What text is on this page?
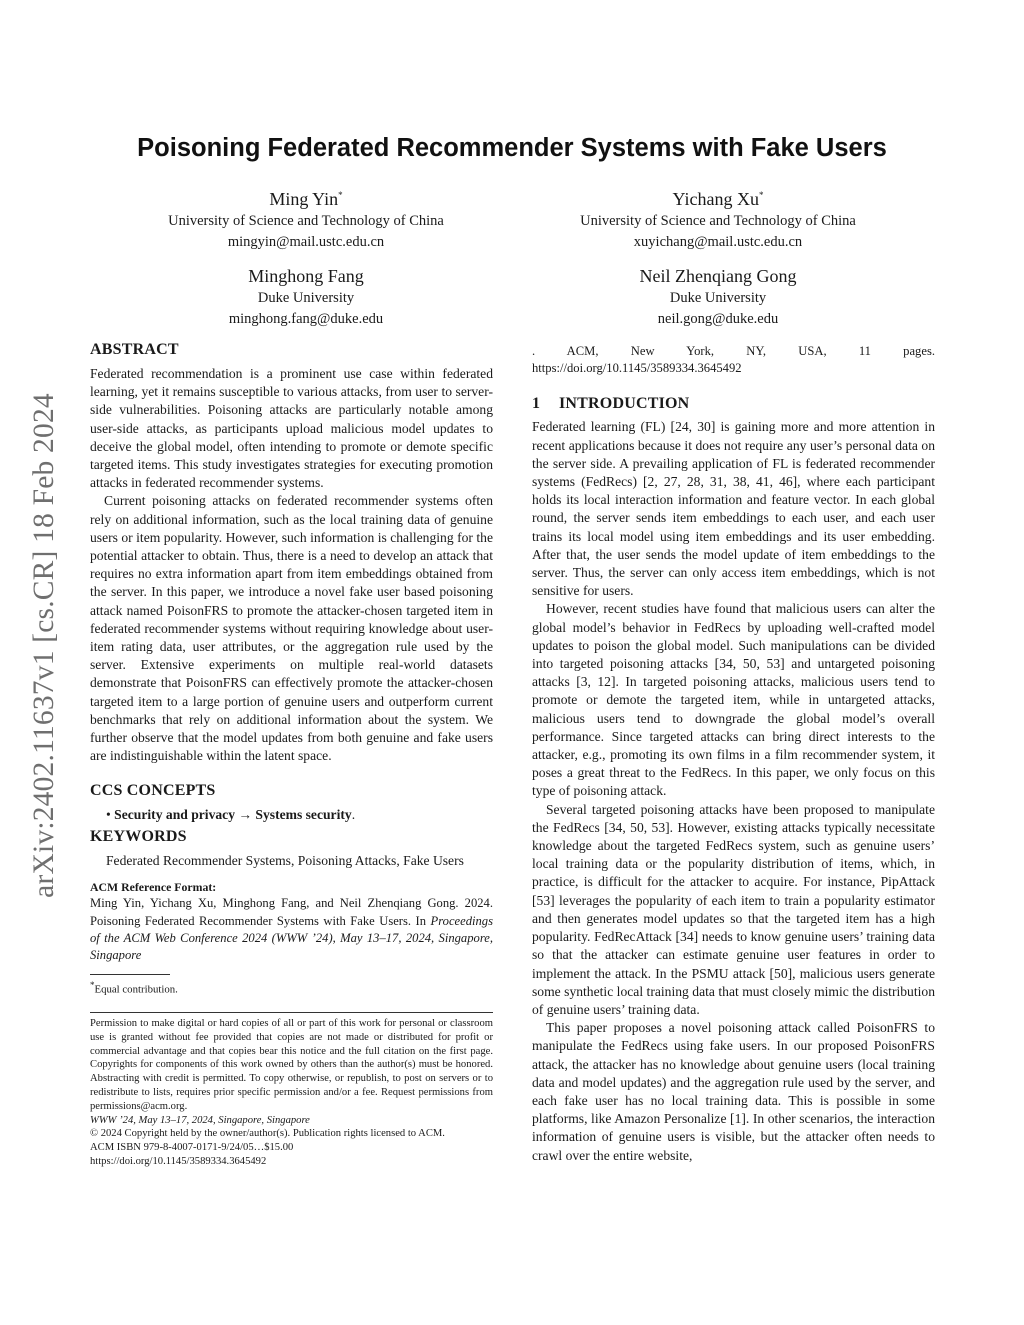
arXiv:2402.11637v1 [cs.CR] 18 Feb 2024
Poisoning Federated Recommender Systems with Fake Users
Ming Yin*
University of Science and Technology of China
mingyin@mail.ustc.edu.cn
Yichang Xu*
University of Science and Technology of China
xuyichang@mail.ustc.edu.cn
Minghong Fang
Duke University
minghong.fang@duke.edu
Neil Zhenqiang Gong
Duke University
neil.gong@duke.edu
ABSTRACT

Federated recommendation is a prominent use case within federated learning, yet it remains susceptible to various attacks, from user to server-side vulnerabilities. Poisoning attacks are particularly notable among user-side attacks, as participants upload malicious model updates to deceive the global model, often intending to promote or demote specific targeted items. This study investigates strategies for executing promotion attacks in federated recommender systems.

Current poisoning attacks on federated recommender systems often rely on additional information, such as the local training data of genuine users or item popularity. However, such information is challenging for the potential attacker to obtain. Thus, there is a need to develop an attack that requires no extra information apart from item embeddings obtained from the server. In this paper, we introduce a novel fake user based poisoning attack named PoisonFRS to promote the attacker-chosen targeted item in federated recommender systems without requiring knowledge about user-item rating data, user attributes, or the aggregation rule used by the server. Extensive experiments on multiple real-world datasets demonstrate that PoisonFRS can effectively promote the attacker-chosen targeted item to a large portion of genuine users and outperform current benchmarks that rely on additional information about the system. We further observe that the model updates from both genuine and fake users are indistinguishable within the latent space.

CCS CONCEPTS

• Security and privacy → Systems security.

KEYWORDS

Federated Recommender Systems, Poisoning Attacks, Fake Users

ACM Reference Format:

Ming Yin, Yichang Xu, Minghong Fang, and Neil Zhenqiang Gong. 2024. Poisoning Federated Recommender Systems with Fake Users. In Proceedings of the ACM Web Conference 2024 (WWW ’24), May 13–17, 2024, Singapore, Singapore

*Equal contribution.

Permission to make digital or hard copies of all or part of this work for personal or classroom use is granted without fee provided that copies are not made or distributed for profit or commercial advantage and that copies bear this notice and the full citation on the first page. Copyrights for components of this work owned by others than the author(s) must be honored. Abstracting with credit is permitted. To copy otherwise, or republish, to post on servers or to redistribute to lists, requires prior specific permission and/or a fee. Request permissions from permissions@acm.org.

WWW ’24, May 13–17, 2024, Singapore, Singapore

© 2024 Copyright held by the owner/author(s). Publication rights licensed to ACM.

ACM ISBN 979-8-4007-0171-9/24/05…$15.00

https://doi.org/10.1145/3589334.3645492

. ACM, New York, NY, USA, 11 pages. https://doi.org/10.1145/3589334.3645492

1 INTRODUCTION

Federated learning (FL) [24, 30] is gaining more and more attention in recent applications because it does not require any user’s personal data on the server side. A prevailing application of FL is federated recommender systems (FedRecs) [2, 27, 28, 31, 38, 41, 46], where each participant holds its local interaction information and feature vector. In each global round, the server sends item embeddings to each user, and each user trains its local model using item embeddings and its user embedding. After that, the user sends the model update of item embeddings to the server. Thus, the server can only access item embeddings, which is not sensitive for users.

However, recent studies have found that malicious users can alter the global model’s behavior in FedRecs by uploading well-crafted model updates to poison the global model. Such manipulations can be divided into targeted poisoning attacks [34, 50, 53] and untargeted poisoning attacks [3, 12]. In targeted poisoning attacks, malicious users tend to promote or demote the targeted item, while in untargeted attacks, malicious users tend to downgrade the global model’s overall performance. Since targeted attacks can bring direct interests to the attacker, e.g., promoting its own films in a film recommender system, it poses a great threat to the FedRecs. In this paper, we only focus on this type of poisoning attack.

Several targeted poisoning attacks have been proposed to manipulate the FedRecs [34, 50, 53]. However, existing attacks typically necessitate knowledge about the targeted FedRecs system, such as genuine users’ local training data or the popularity distribution of items, which, in practice, is difficult for the attacker to acquire. For instance, PipAttack [53] leverages the popularity of each item to train a popularity estimator and then generates model updates so that the targeted item has a high popularity. FedRecAttack [34] needs to know genuine users’ training data so that the attacker can estimate genuine user features in order to implement the attack. In the PSMU attack [50], malicious users generate some synthetic local training data that must closely mimic the distribution of genuine users’ training data.

This paper proposes a novel poisoning attack called PoisonFRS to manipulate the FedRecs using fake users. In our proposed PoisonFRS attack, the attacker has no knowledge about genuine users (local training data and model updates) and the aggregation rule used by the server, and each fake user has no local training data. This is possible in some platforms, like Amazon Personalize [1]. In other scenarios, the interaction information of genuine users is visible, but the attacker often needs to crawl over the entire website,
